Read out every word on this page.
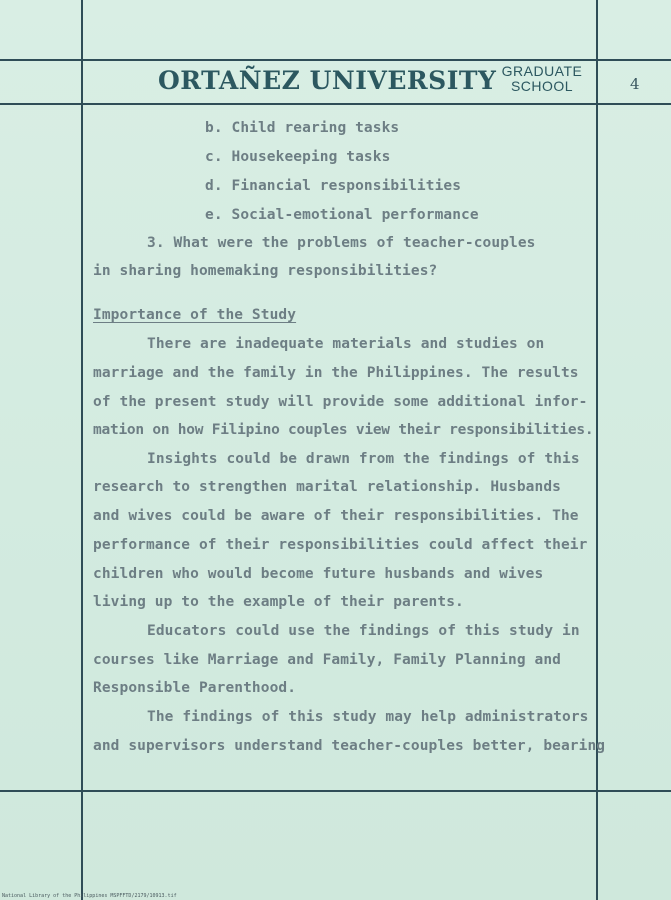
ORTAÑEZ UNIVERSITY GRADUATE
SCHOOL	4
b. Child rearing tasks
c. Housekeeping tasks
d. Financial responsibilities
e. Social-emotional performance
3. What were the problems of teacher-couples
in sharing homemaking responsibilities?
Importance of the Study
There are inadequate materials and studies on
marriage and the family in the Philippines. The results
of the present study will provide some additional infor-
mation on how Filipino couples view their responsibilities.
Insights could be drawn from the findings of this
research to strengthen marital relationship. Husbands
and wives could be aware of their responsibilities. The
performance of their responsibilities could affect their
children who would become future husbands and wives
living up to the example of their parents.
Educators could use the findings of this study in
courses like Marriage and Family, Family Planning and
Responsible Parenthood.
The findings of this study may help administrators
and supervisors understand teacher-couples better, bearing
National Library of the Philippines MSPFFTD/2179/10913.tif
